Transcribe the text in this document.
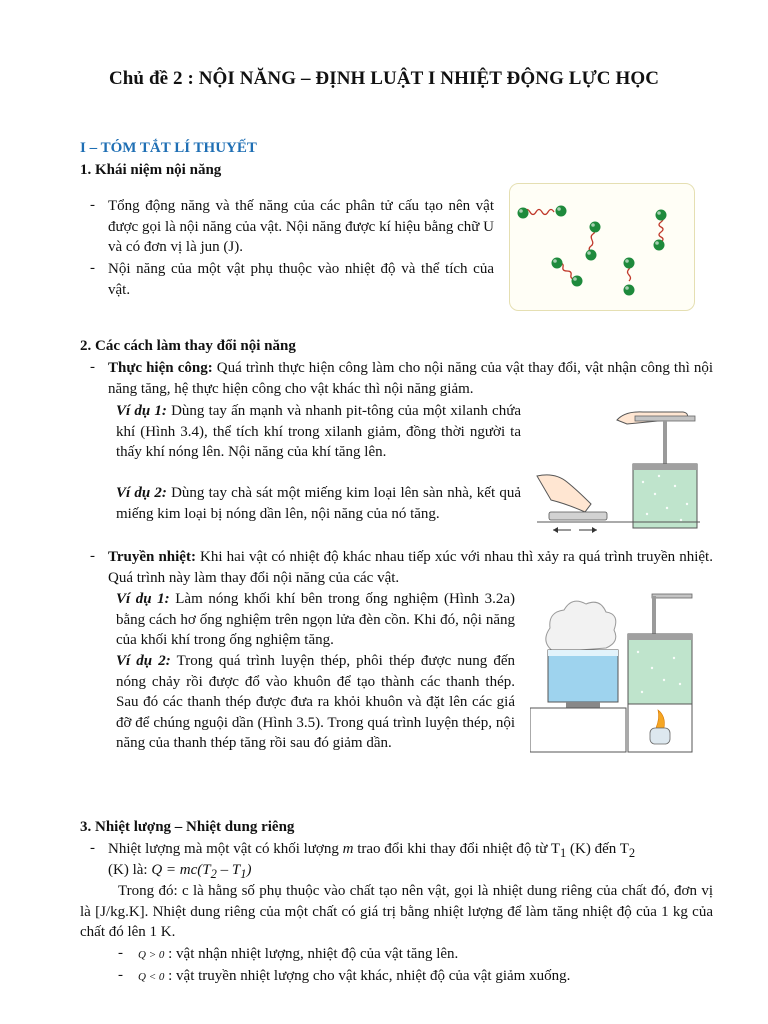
Chủ đề 2 : NỘI NĂNG – ĐỊNH LUẬT I NHIỆT ĐỘNG LỰC HỌC
I – TÓM TẮT LÍ THUYẾT
1. Khái niệm nội năng
- Tổng động năng và thế năng của các phân tử cấu tạo nên vật được gọi là nội năng của vật. Nội năng được kí hiệu bằng chữ U và có đơn vị là jun (J).
- Nội năng của một vật phụ thuộc vào nhiệt độ và thể tích của vật.
2. Các cách làm thay đổi nội năng
- Thực hiện công: Quá trình thực hiện công làm cho nội năng của vật thay đổi, vật nhận công thì nội năng tăng, hệ thực hiện công cho vật khác thì nội năng giảm.
Ví dụ 1: Dùng tay ấn mạnh và nhanh pit-tông của một xilanh chứa khí (Hình 3.4), thể tích khí trong xilanh giảm, đồng thời người ta thấy khí nóng lên. Nội năng của khí tăng lên.
Ví dụ 2: Dùng tay chà sát một miếng kim loại lên sàn nhà, kết quả miếng kim loại bị nóng dần lên, nội năng của nó tăng.
- Truyền nhiệt: Khi hai vật có nhiệt độ khác nhau tiếp xúc với nhau thì xảy ra quá trình truyền nhiệt. Quá trình này làm thay đổi nội năng của các vật.
Ví dụ 1: Làm nóng khối khí bên trong ống nghiệm (Hình 3.2a) bằng cách hơ ống nghiệm trên ngọn lửa đèn cồn. Khi đó, nội năng của khối khí trong ống nghiệm tăng.
Ví dụ 2: Trong quá trình luyện thép, phôi thép được nung đến nóng chảy rồi được đổ vào khuôn để tạo thành các thanh thép. Sau đó các thanh thép được đưa ra khỏi khuôn và đặt lên các giá đỡ để chúng nguội dần (Hình 3.5). Trong quá trình luyện thép, nội năng của thanh thép tăng rồi sau đó giảm dần.
3. Nhiệt lượng – Nhiệt dung riêng
- Nhiệt lượng mà một vật có khối lượng m trao đổi khi thay đổi nhiệt độ từ $T_1$ (K) đến $T_2$
(K) là: $Q = mc(T_2 - T_1)$
Trong đó: c là hằng số phụ thuộc vào chất tạo nên vật, gọi là nhiệt dung riêng của chất đó, đơn vị là [J/kg.K]. Nhiệt dung riêng của một chất có giá trị bằng nhiệt lượng để làm tăng nhiệt độ của 1 kg của chất đó lên 1 K.
- Q > 0 : vật nhận nhiệt lượng, nhiệt độ của vật tăng lên.
- Q < 0 : vật truyền nhiệt lượng cho vật khác, nhiệt độ của vật giảm xuống.
